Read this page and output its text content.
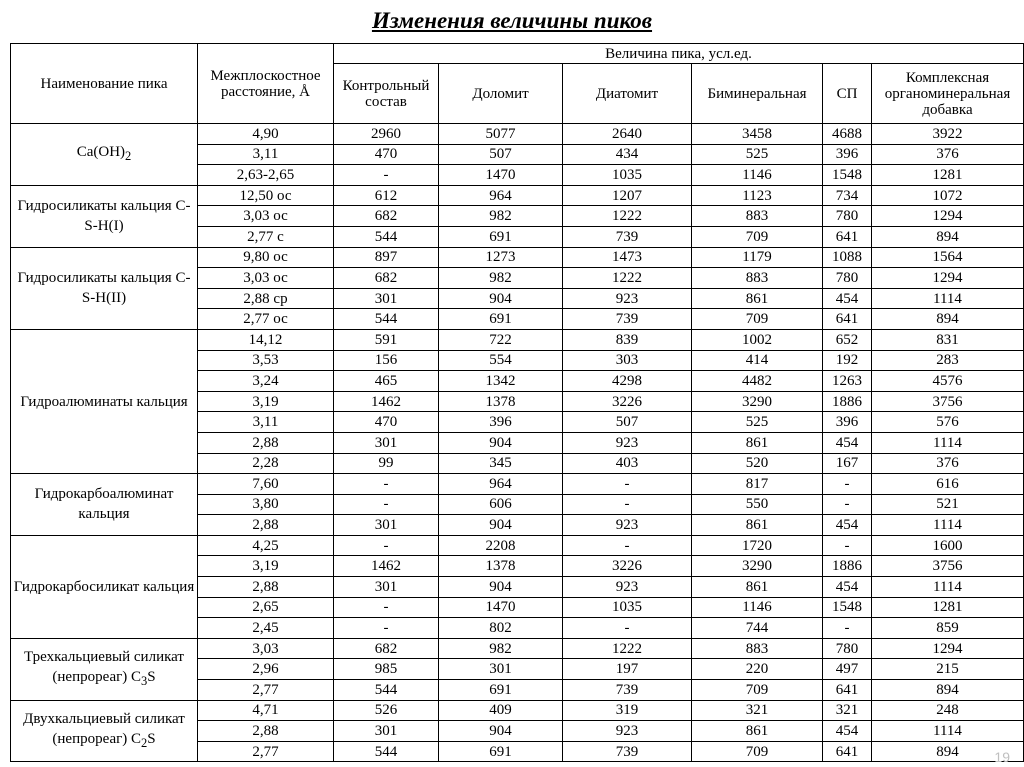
Изменения величины пиков
Наименование пика	Межплоскостное расстояние, Å	Величина пика, усл.ед.					
		Контрольный состав	Доломит	Диатомит	Биминеральная	СП	Комплексная органоминеральная добавка
$Ca(OH)_2$	4,90	2960	5077	2640	3458	4688	3922
	3,11	470	507	434	525	396	376
	2,63-2,65	-	1470	1035	1146	1548	1281
Гидросиликаты кальция C-S-H(I)	12,50 ос	612	964	1207	1123	734	1072
	3,03 ос	682	982	1222	883	780	1294
	2,77 с	544	691	739	709	641	894
Гидросиликаты кальция C-S-H(II)	9,80 ос	897	1273	1473	1179	1088	1564
	3,03 ос	682	982	1222	883	780	1294
	2,88 ср	301	904	923	861	454	1114
	2,77 ос	544	691	739	709	641	894
Гидроалюминаты кальция	14,12	591	722	839	1002	652	831
	3,53	156	554	303	414	192	283
	3,24	465	1342	4298	4482	1263	4576
	3,19	1462	1378	3226	3290	1886	3756
	3,11	470	396	507	525	396	576
	2,88	301	904	923	861	454	1114
	2,28	99	345	403	520	167	376
Гидрокарбоалюминат кальция	7,60	-	964	-	817	-	616
	3,80	-	606	-	550	-	521
	2,88	301	904	923	861	454	1114
Гидрокарбосиликат кальция	4,25	-	2208	-	1720	-	1600
	3,19	1462	1378	3226	3290	1886	3756
	2,88	301	904	923	861	454	1114
	2,65	-	1470	1035	1146	1548	1281
	2,45	-	802	-	744	-	859
Трехкальциевый силикат (непрореаг) $C_3S$	3,03	682	982	1222	883	780	1294
	2,96	985	301	197	220	497	215
	2,77	544	691	739	709	641	894
Двухкальциевый силикат (непрореаг) $C_2S$	4,71	526	409	319	321	321	248
	2,88	301	904	923	861	454	1114
	2,77	544	691	739	709	641	894	19
